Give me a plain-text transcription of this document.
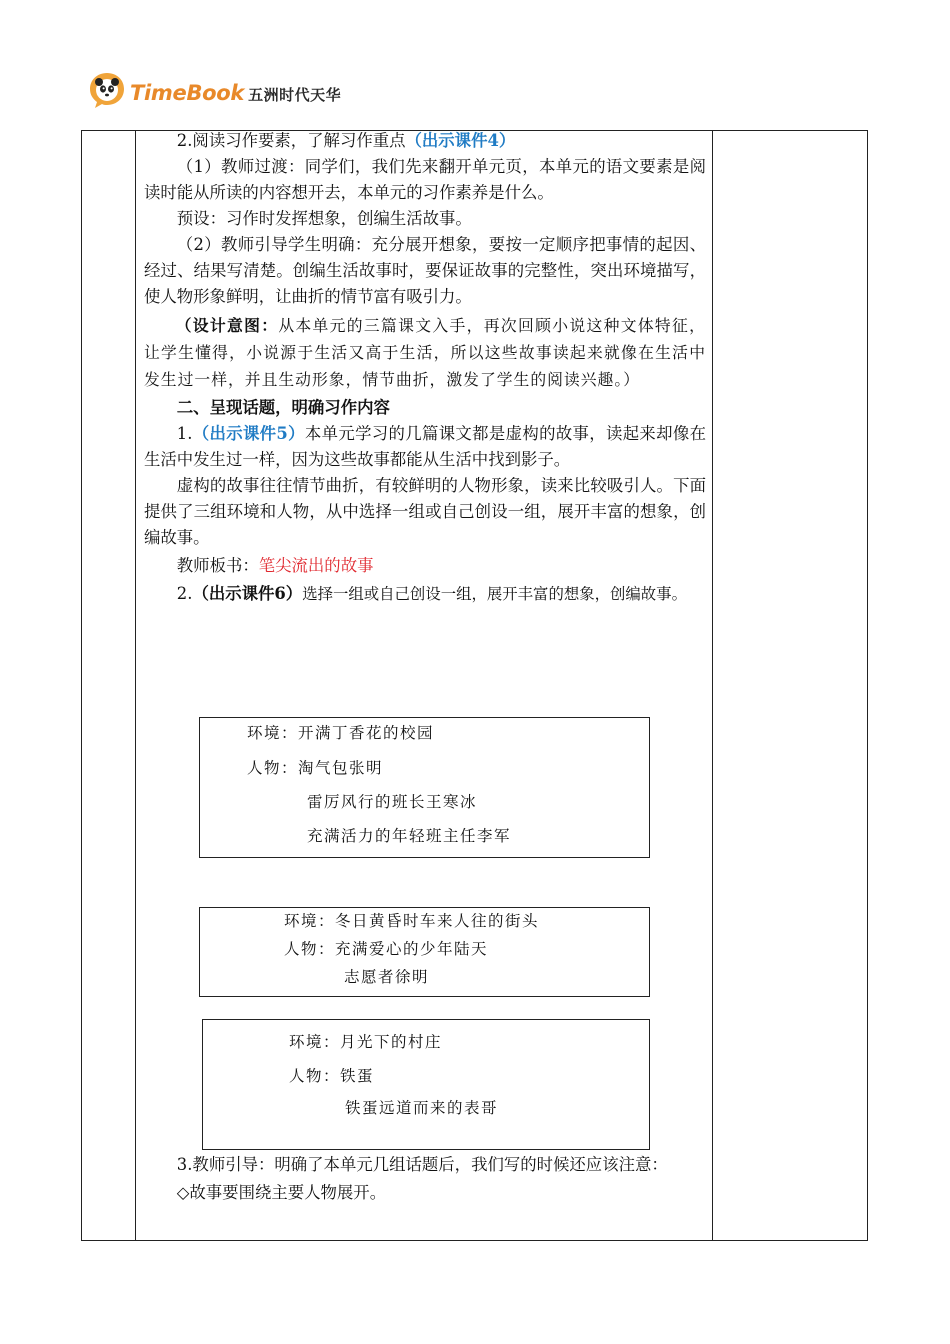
TimeBook 五洲时代天华

2.阅读习作要素，了解习作重点（出示课件4）

（1）教师过渡：同学们，我们先来翻开单元页，本单元的语文要素是阅读时能从所读的内容想开去，本单元的习作素养是什么。

预设：习作时发挥想象，创编生活故事。

（2）教师引导学生明确：充分展开想象，要按一定顺序把事情的起因、经过、结果写清楚。创编生活故事时，要保证故事的完整性，突出环境描写，使人物形象鲜明，让曲折的情节富有吸引力。

（设计意图：从本单元的三篇课文入手，再次回顾小说这种文体特征，让学生懂得，小说源于生活又高于生活，所以这些故事读起来就像在生活中发生过一样，并且生动形象，情节曲折，激发了学生的阅读兴趣。）

二、呈现话题，明确习作内容

1.（出示课件5）本单元学习的几篇课文都是虚构的故事，读起来却像在生活中发生过一样，因为这些故事都能从生活中找到影子。

虚构的故事往往情节曲折，有较鲜明的人物形象，读来比较吸引人。下面提供了三组环境和人物，从中选择一组或自己创设一组，展开丰富的想象，创编故事。

教师板书：笔尖流出的故事

2.（出示课件6）选择一组或自己创设一组，展开丰富的想象，创编故事。

环境：开满丁香花的校园
人物：淘气包张明
雷厉风行的班长王寒冰
充满活力的年轻班主任李军
环境：冬日黄昏时车来人往的街头
人物：充满爱心的少年陆天
志愿者徐明
环境：月光下的村庄
人物：铁蛋
铁蛋远道而来的表哥

3.教师引导：明确了本单元几组话题后，我们写的时候还应该注意：

◇故事要围绕主要人物展开。
